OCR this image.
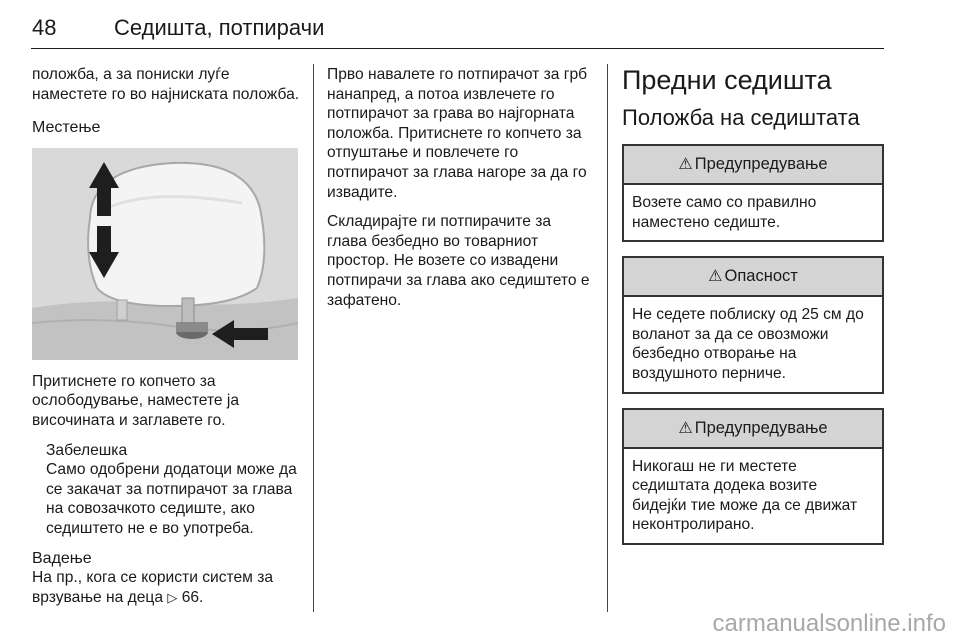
48	Седишта, потпирачи

положба, а за пониски луѓе наместете го во најниската положба.

Местење

Притиснете го копчето за ослободување, наместете ја височината и заглавете го.

Забелешка
Само одобрени додатоци може да се закачат за потпирачот за глава на совозачкото седиште, ако седиштето не е во употреба.
Вадење

На пр., кога се користи систем за врзување на деца ▷ 66.

Прво навалете го потпирачот за грб нанапред, а потоа извлечете го потпирачот за грава во најгорната положба. Притиснете го копчето за отпуштање и повлечете го потпирачот за глава нагоре за да го извадите.

Складирајте ги потпирачите за глава безбедно во товарниот простор. Не возете со извадени потпирачи за глава ако седиштето е зафатено.

Предни седишта
Положба на седиштата
⚠ Предупредување
Возете само со правилно наместено седиште.
⚠ Опасност
Не седете поблиску од 25 см до воланот за да се овозможи безбедно отворање на воздушното перниче.
⚠ Предупредување
Никогаш не ги местете седиштата додека возите бидејќи тие може да се движат неконтролирано.
carmanualsonline.info
